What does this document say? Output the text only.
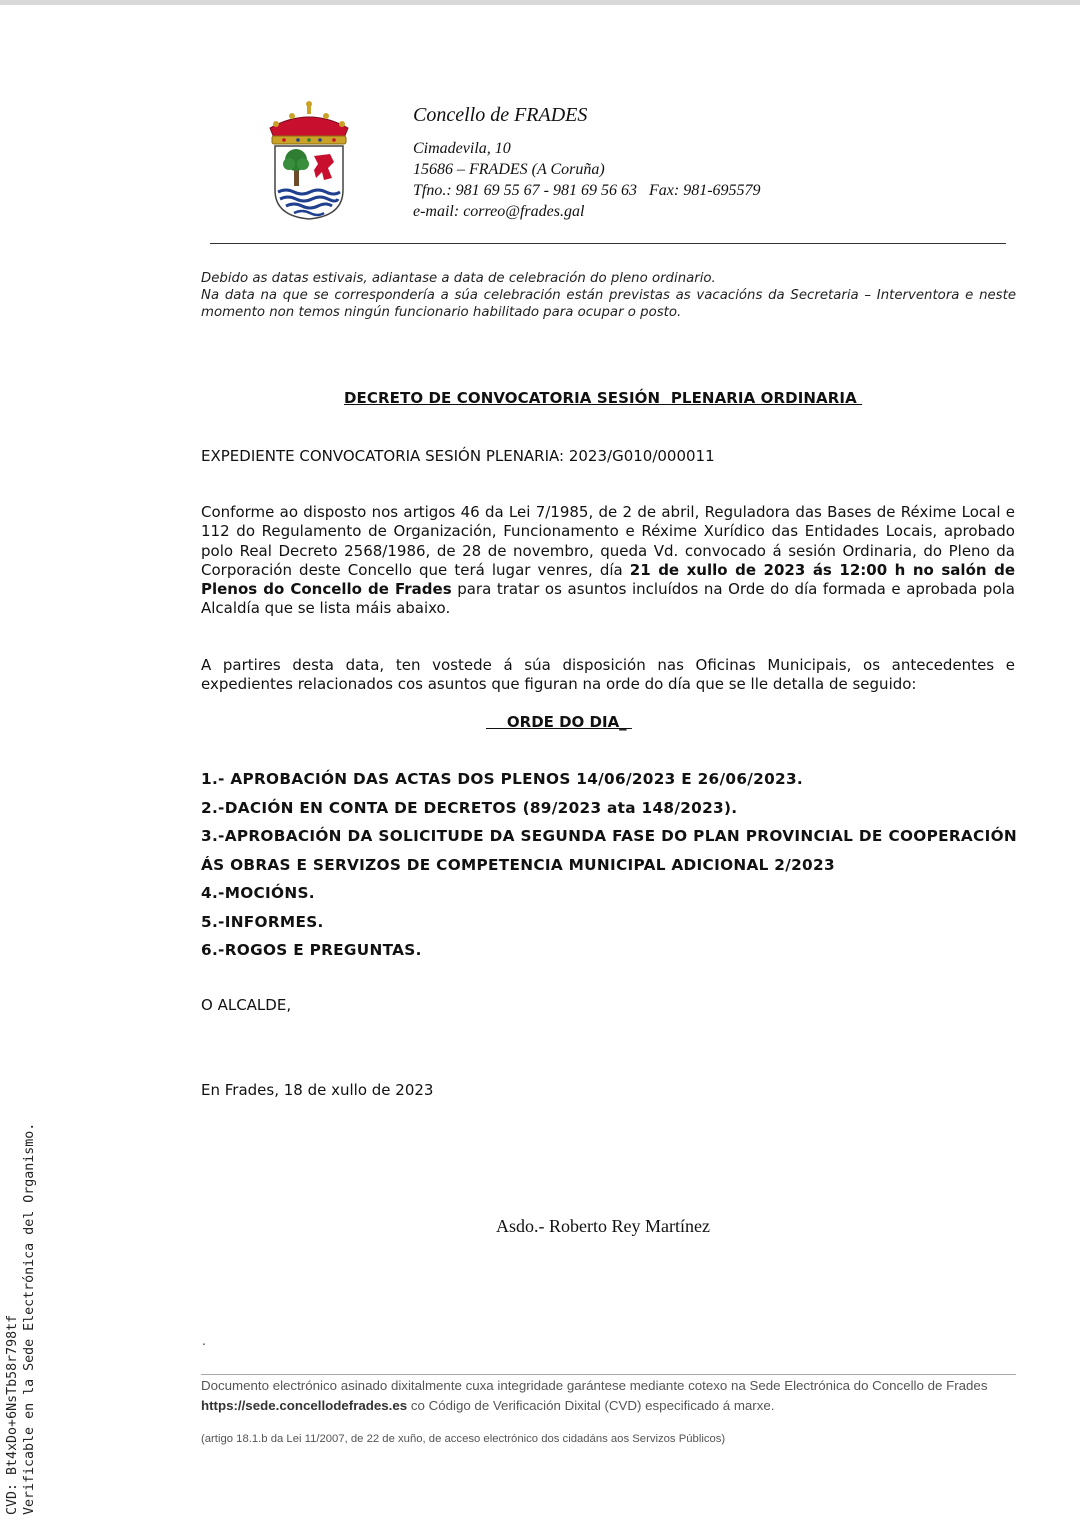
Concello de FRADES
Cimadevila, 10
15686 – FRADES (A Coruña)
Tfno.: 981 69 55 67 - 981 69 56 63   Fax: 981-695579
e-mail: correo@frades.gal
Debido as datas estivais, adiantase a data de celebración do pleno ordinario.
Na data na que se correspondería a súa celebración están previstas as vacacións da Secretaria – Interventora e neste momento non temos ningún funcionario habilitado para ocupar o posto.
DECRETO DE CONVOCATORIA SESIÓN  PLENARIA ORDINARIA
EXPEDIENTE CONVOCATORIA SESIÓN PLENARIA: 2023/G010/000011
Conforme ao disposto nos artigos 46 da Lei 7/1985, de 2 de abril, Reguladora das Bases de Réxime Local e 112 do Regulamento de Organización, Funcionamento e Réxime Xurídico das Entidades Locais, aprobado polo Real Decreto 2568/1986, de 28 de novembro, queda Vd. convocado á sesión Ordinaria, do Pleno da Corporación deste Concello que terá lugar venres, día 21 de xullo de 2023 ás 12:00 h no salón de Plenos do Concello de Frades para tratar os asuntos incluídos na Orde do día formada e aprobada pola Alcaldía que se lista máis abaixo.
A partires desta data, ten vostede á súa disposición nas Oficinas Municipais, os antecedentes e expedientes relacionados cos asuntos que figuran na orde do día que se lle detalla de seguido:
ORDE DO DIA_
1.- APROBACIÓN DAS ACTAS DOS PLENOS 14/06/2023 E 26/06/2023.
2.-DACIÓN EN CONTA DE DECRETOS (89/2023 ata 148/2023).
3.-APROBACIÓN DA SOLICITUDE DA SEGUNDA FASE DO PLAN PROVINCIAL DE COOPERACIÓN ÁS OBRAS E SERVIZOS DE COMPETENCIA MUNICIPAL ADICIONAL 2/2023
4.-MOCIÓNS.
5.-INFORMES.
6.-ROGOS E PREGUNTAS.
O ALCALDE,
En Frades, 18 de xullo de 2023
Asdo.- Roberto Rey Martínez
.
Documento electrónico asinado dixitalmente cuxa integridade garántese mediante cotexo na Sede Electrónica do Concello de Frades https://sede.concellodefrades.es co Código de Verificación Dixital (CVD) especificado á marxe.
(artigo 18.1.b da Lei 11/2007, de 22 de xuño, de acceso electrónico dos cidadáns aos Servizos Públicos)
CVD: Bt4xDo+6NsTb58r798tf Verificable en la Sede Electrónica del Organismo.
